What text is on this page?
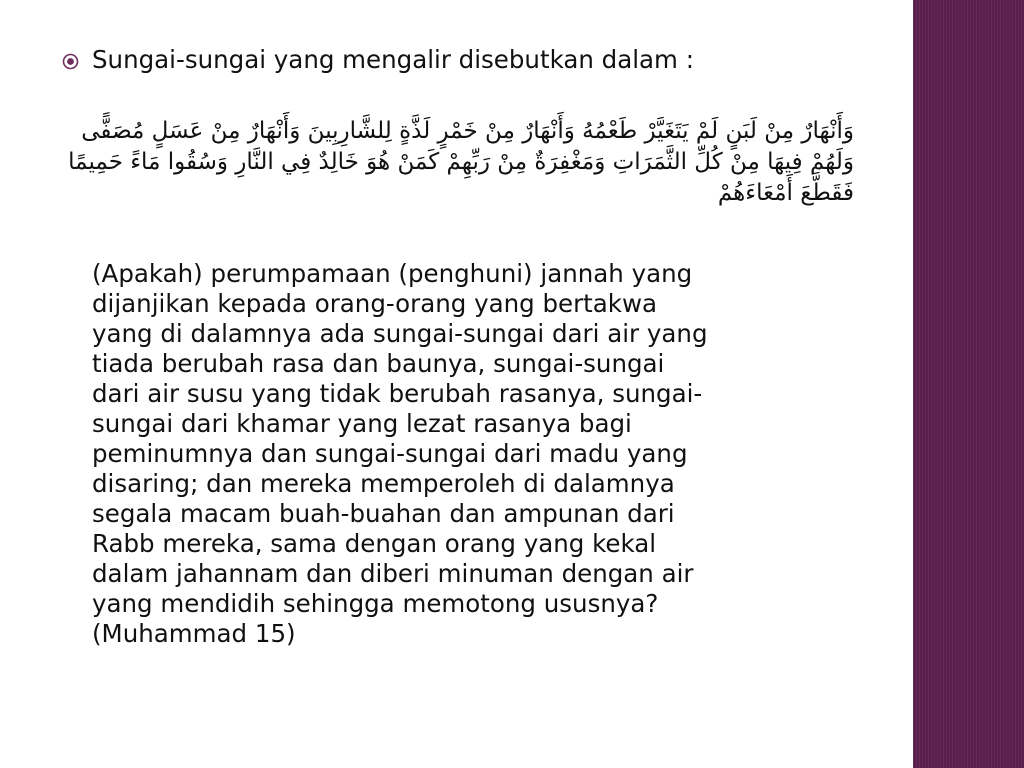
Sungai-sungai yang mengalir disebutkan dalam :
وَأَنْهَارٌ مِنْ لَبَنٍ لَمْ يَتَغَيَّرْ طَعْمُهُ وَأَنْهَارٌ مِنْ خَمْرٍ لَذَّةٍ لِلشَّارِبِينَ وَأَنْهَارٌ مِنْ عَسَلٍ مُصَفًّى وَلَهُمْ فِيهَا مِنْ كُلِّ الثَّمَرَاتِ وَمَغْفِرَةٌ مِنْ رَبِّهِمْ كَمَنْ هُوَ خَالِدٌ فِي النَّارِ وَسُقُوا مَاءً حَمِيمًا فَقَطَّعَ أَمْعَاءَهُمْ
(Apakah) perumpamaan (penghuni) jannah yang
dijanjikan kepada orang-orang yang bertakwa
yang di dalamnya ada sungai-sungai dari air yang
tiada berubah rasa dan baunya, sungai-sungai
dari air susu yang tidak berubah rasanya, sungai-
sungai dari khamar yang lezat rasanya bagi
peminumnya dan sungai-sungai dari madu yang
disaring; dan mereka memperoleh di dalamnya
segala macam buah-buahan dan ampunan dari
Rabb mereka, sama dengan orang yang kekal
dalam jahannam dan diberi minuman dengan air
yang mendidih sehingga memotong ususnya?
(Muhammad 15)
